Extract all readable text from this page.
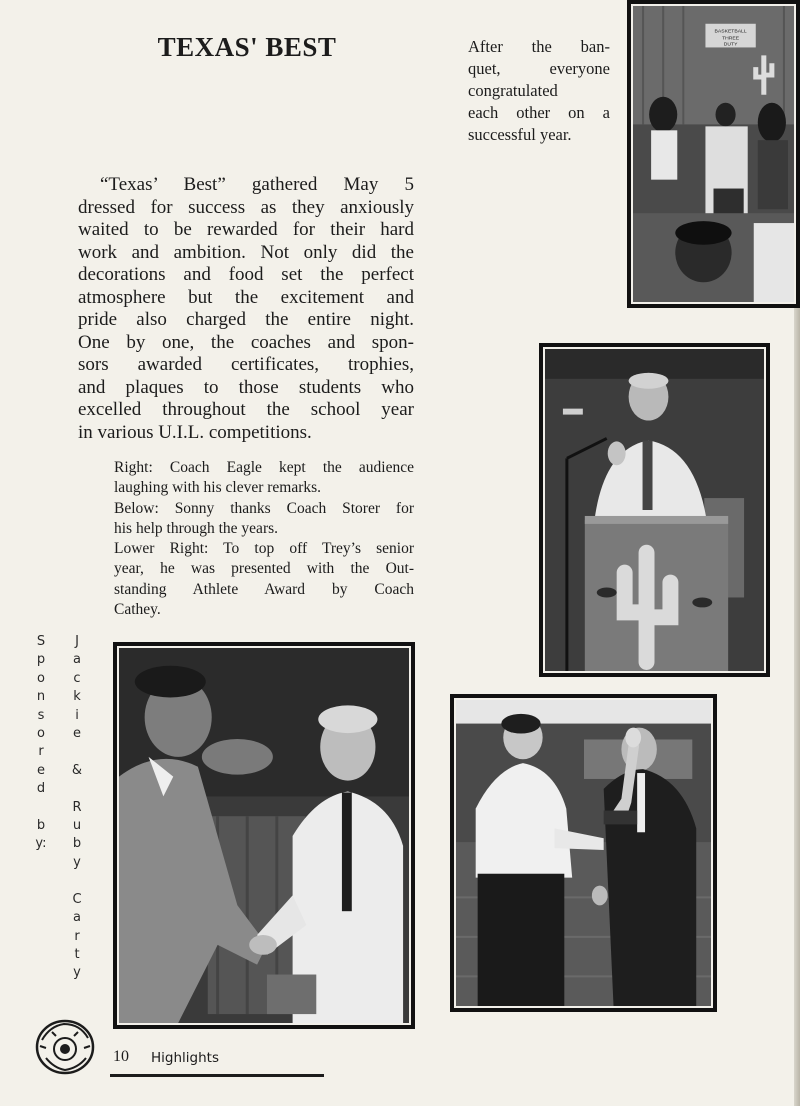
TEXAS' BEST	After the ban-
quet, everyone
congratulated
each other on a
successful year.
“Texas’ Best” gathered May 5
dressed for success as they anxiously
waited to be rewarded for their hard
work and ambition. Not only did the
decorations and food set the perfect
atmosphere but the excitement and
pride also charged the entire night.
One by one, the coaches and spon-
sors awarded certificates, trophies,
and plaques to those students who
excelled throughout the school year
in various U.I.L. competitions.
Right: Coach Eagle kept the audience
laughing with his clever remarks.
Below: Sonny thanks Coach Storer for
his help through the years.
Lower Right: To top off Trey’s senior
year, he was presented with the Out-
standing Athlete Award by Coach
Cathey.
S
p
o
n
s
o
r
e
d

b
y:
J
a
c
k
i
e

&

R
u
b
y

C
a
r
t
y
BASKETBALL
THREE
DUTY
10 Highlights
